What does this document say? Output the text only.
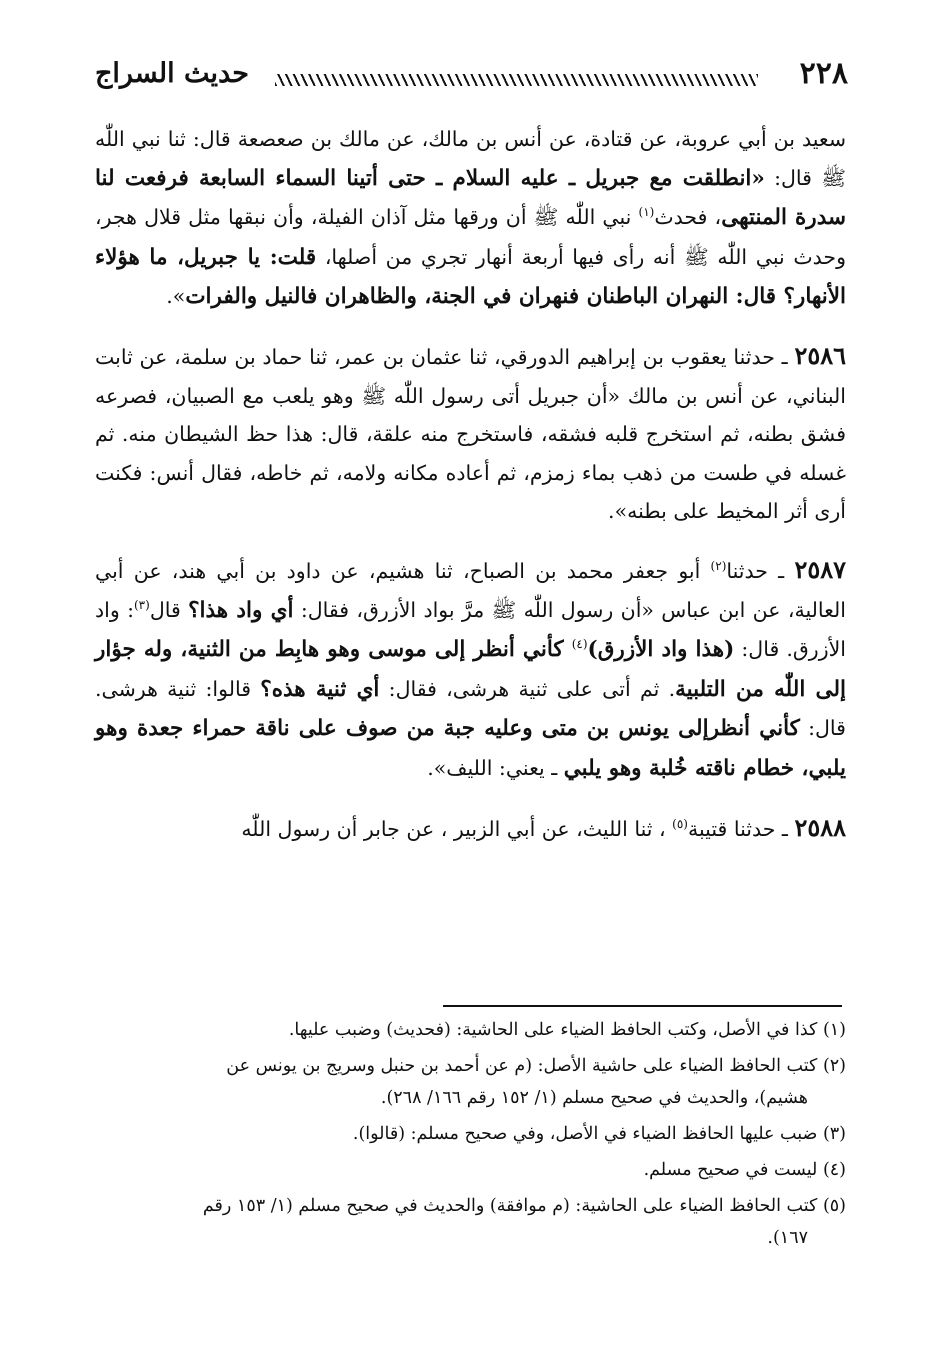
٢٢٨
حديث السراج

سعيد بن أبي عروبة، عن قتادة، عن أنس بن مالك، عن مالك بن صعصعة قال: ثنا نبي اللّٰه ﷺ قال: «انطلقت مع جبريل ـ عليه السلام ـ حتى أتينا السماء السابعة فرفعت لنا سدرة المنتهى، فحدث$^{(١)}$ نبي اللّٰه ﷺ أن ورقها مثل آذان الفيلة، وأن نبقها مثل قلال هجر، وحدث نبي اللّٰه ﷺ أنه رأى فيها أربعة أنهار تجري من أصلها، قلت: يا جبريل، ما هؤلاء الأنهار؟ قال: النهران الباطنان فنهران في الجنة، والظاهران فالنيل والفرات».

٢٥٨٦ ـ حدثنا يعقوب بن إبراهيم الدورقي، ثنا عثمان بن عمر، ثنا حماد بن سلمة، عن ثابت البناني، عن أنس بن مالك «أن جبريل أتى رسول اللّٰه ﷺ وهو يلعب مع الصبيان، فصرعه فشق بطنه، ثم استخرج قلبه فشقه، فاستخرج منه علقة، قال: هذا حظ الشيطان منه. ثم غسله في طست من ذهب بماء زمزم، ثم أعاده مكانه ولامه، ثم خاطه، فقال أنس: فكنت أرى أثر المخيط على بطنه».

٢٥٨٧ ـ حدثنا$^{(٢)}$ أبو جعفر محمد بن الصباح، ثنا هشيم، عن داود بن أبي هند، عن أبي العالية، عن ابن عباس «أن رسول اللّٰه ﷺ مرَّ بواد الأزرق، فقال: أي واد هذا؟ قال$^{(٣)}$: واد الأزرق. قال: (هذا واد الأزرق)$^{(٤)}$ كأني أنظر إلى موسى وهو هابِط من الثنية، وله جؤار إلى اللّٰه من التلبية. ثم أتى على ثنية هرشى، فقال: أي ثنية هذه؟ قالوا: ثنية هرشى. قال: كأني أنظرإلى يونس بن متى وعليه جبة من صوف على ناقة حمراء جعدة وهو يلبي، خطام ناقته خُلبة وهو يلبي ـ يعني: الليف».

٢٥٨٨ ـ حدثنا قتيبة$^{(٥)}$ ، ثنا الليث، عن أبي الزبير ، عن جابر أن رسول اللّٰه

(١) كذا في الأصل، وكتب الحافظ الضياء على الحاشية: (فحديث) وضبب عليها.

(٢) كتب الحافظ الضياء على حاشية الأصل: (م عن أحمد بن حنبل وسريج بن يونس عن
هشيم)، والحديث في صحيح مسلم (١/ ١٥٢ رقم ١٦٦/ ٢٦٨).

(٣) ضبب عليها الحافظ الضياء في الأصل، وفي صحيح مسلم: (قالوا).

(٤) ليست في صحيح مسلم.

(٥) كتب الحافظ الضياء على الحاشية: (م موافقة) والحديث في صحيح مسلم (١/ ١٥٣ رقم
١٦٧).
